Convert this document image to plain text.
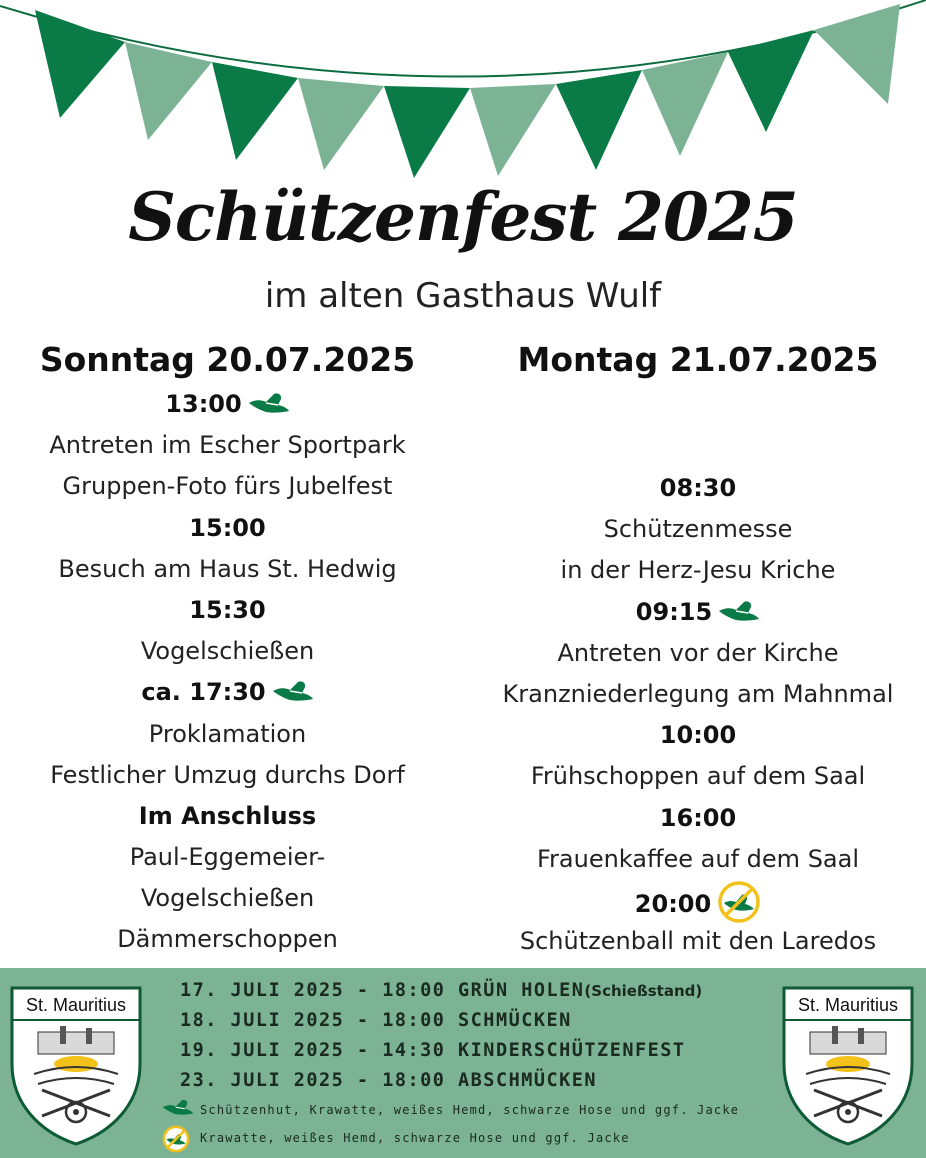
Schützenfest 2025
im alten Gasthaus Wulf
Sonntag 20.07.2025
13:00
Antreten im Escher Sportpark
Gruppen-Foto fürs Jubelfest
15:00
Besuch am Haus St. Hedwig
15:30
Vogelschießen
ca. 17:30
Proklamation
Festlicher Umzug durchs Dorf
Im Anschluss
Paul-Eggemeier-
Vogelschießen
Dämmerschoppen
Montag 21.07.2025
08:30
Schützenmesse
in der Herz-Jesu Kriche
09:15
Antreten vor der Kirche
Kranzniederlegung am Mahnmal
10:00
Frühschoppen auf dem Saal
16:00
Frauenkaffee auf dem Saal
20:00
Schützenball mit den Laredos
St. Mauritius	St. Mauritius
17. JULI 2025 - 18:00 GRÜN HOLEN(Schießstand)
18. JULI 2025 - 18:00 SCHMÜCKEN
19. JULI 2025 - 14:30 KINDERSCHÜTZENFEST
23. JULI 2025 - 18:00 ABSCHMÜCKEN
Schützenhut, Krawatte, weißes Hemd, schwarze Hose und ggf. Jacke
Krawatte, weißes Hemd, schwarze Hose und ggf. Jacke
